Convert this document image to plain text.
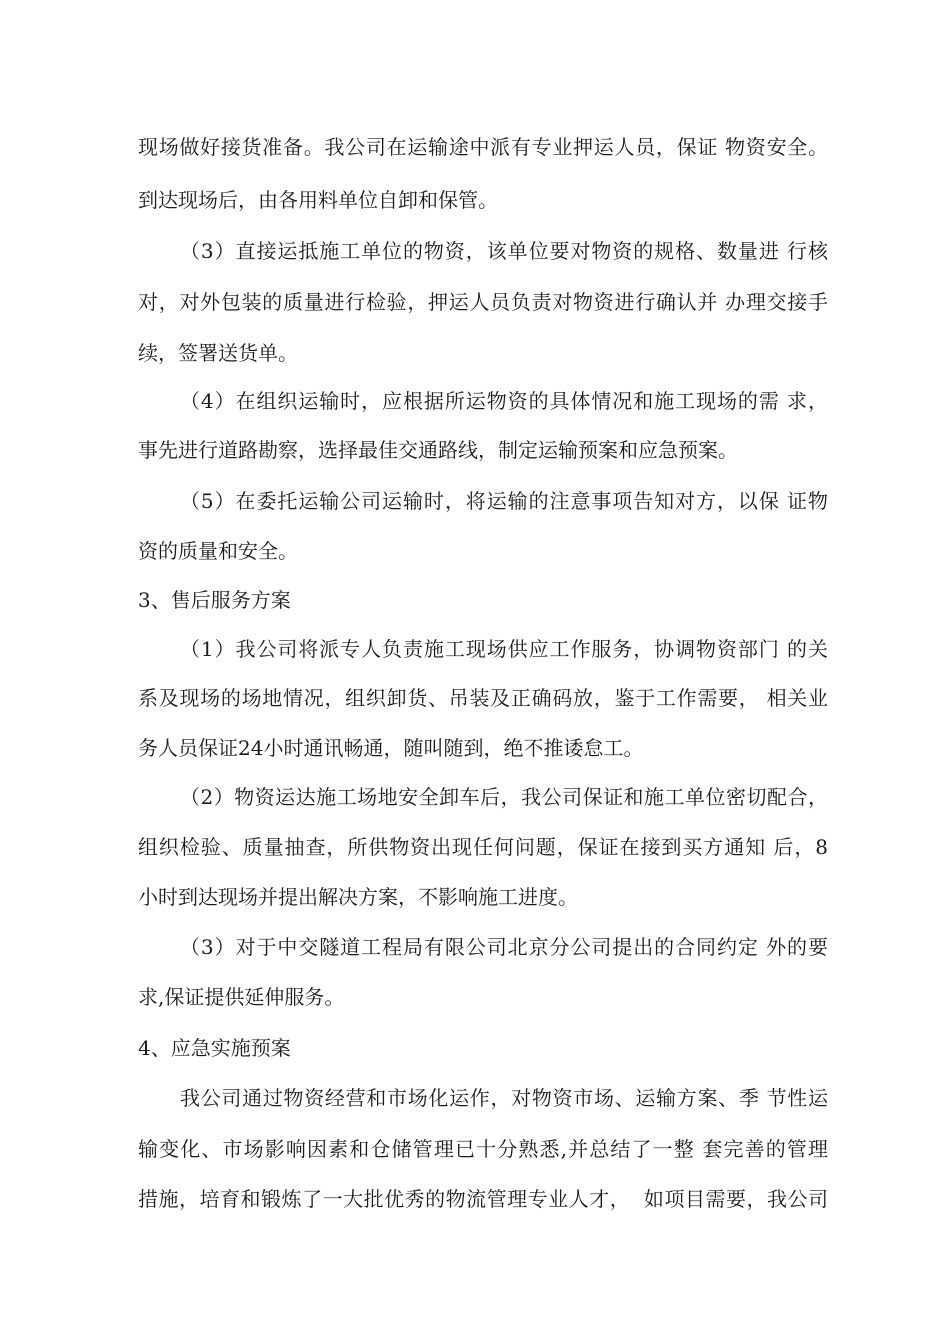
现场做好接货准备。我公司在运输途中派有专业押运人员，保证 物资安全。
到达现场后，由各用料单位自卸和保管。
（3）直接运抵施工单位的物资，该单位要对物资的规格、数量进 行核
对，对外包装的质量进行检验，押运人员负责对物资进行确认并 办理交接手
续，签署送货单。
（4）在组织运输时，应根据所运物资的具体情况和施工现场的需 求，
事先进行道路勘察，选择最佳交通路线，制定运输预案和应急预案。
（5）在委托运输公司运输时，将运输的注意事项告知对方，以保 证物
资的质量和安全。
3、售后服务方案
（1）我公司将派专人负责施工现场供应工作服务，协调物资部门 的关
系及现场的场地情况，组织卸货、吊装及正确码放，鉴于工作需要， 相关业
务人员保证24小时通讯畅通，随叫随到，绝不推诿怠工。
（2）物资运达施工场地安全卸车后，我公司保证和施工单位密切配合，
组织检验、质量抽查，所供物资出现任何问题，保证在接到买方通知 后，8
小时到达现场并提出解决方案，不影响施工进度。
（3）对于中交隧道工程局有限公司北京分公司提出的合同约定 外的要
求,保证提供延伸服务。
4、应急实施预案
我公司通过物资经营和市场化运作，对物资市场、运输方案、季 节性运
输变化、市场影响因素和仓储管理已十分熟悉,并总结了一整 套完善的管理
措施，培育和锻炼了一大批优秀的物流管理专业人才，  如项目需要，我公司
